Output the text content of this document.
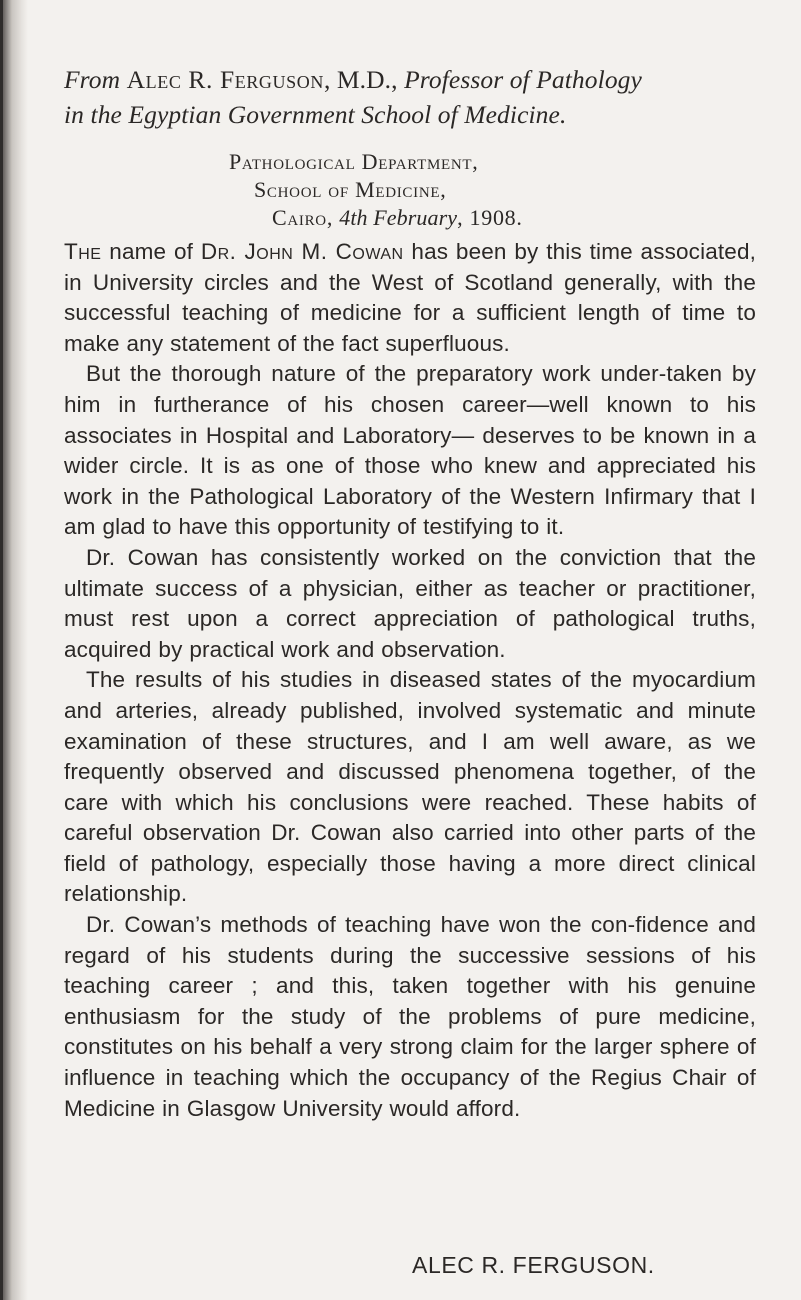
From Alec R. Ferguson, M.D., Professor of Pathology
in the Egyptian Government School of Medicine.
Pathological Department,
School of Medicine,
Cairo, 4th February, 1908.

The name of Dr. John M. Cowan has been by this time associated, in University circles and the West of Scotland generally, with the successful teaching of medicine for a sufficient length of time to make any statement of the fact superfluous.

But the thorough nature of the preparatory work under-taken by him in furtherance of his chosen career—well known to his associates in Hospital and Laboratory— deserves to be known in a wider circle. It is as one of those who knew and appreciated his work in the Pathological Laboratory of the Western Infirmary that I am glad to have this opportunity of testifying to it.

Dr. Cowan has consistently worked on the conviction that the ultimate success of a physician, either as teacher or practitioner, must rest upon a correct appreciation of pathological truths, acquired by practical work and observation.

The results of his studies in diseased states of the myocardium and arteries, already published, involved systematic and minute examination of these structures, and I am well aware, as we frequently observed and discussed phenomena together, of the care with which his conclusions were reached. These habits of careful observation Dr. Cowan also carried into other parts of the field of pathology, especially those having a more direct clinical relationship.

Dr. Cowan’s methods of teaching have won the con-fidence and regard of his students during the successive sessions of his teaching career ; and this, taken together with his genuine enthusiasm for the study of the problems of pure medicine, constitutes on his behalf a very strong claim for the larger sphere of influence in teaching which the occupancy of the Regius Chair of Medicine in Glasgow University would afford.

ALEC R. FERGUSON.
